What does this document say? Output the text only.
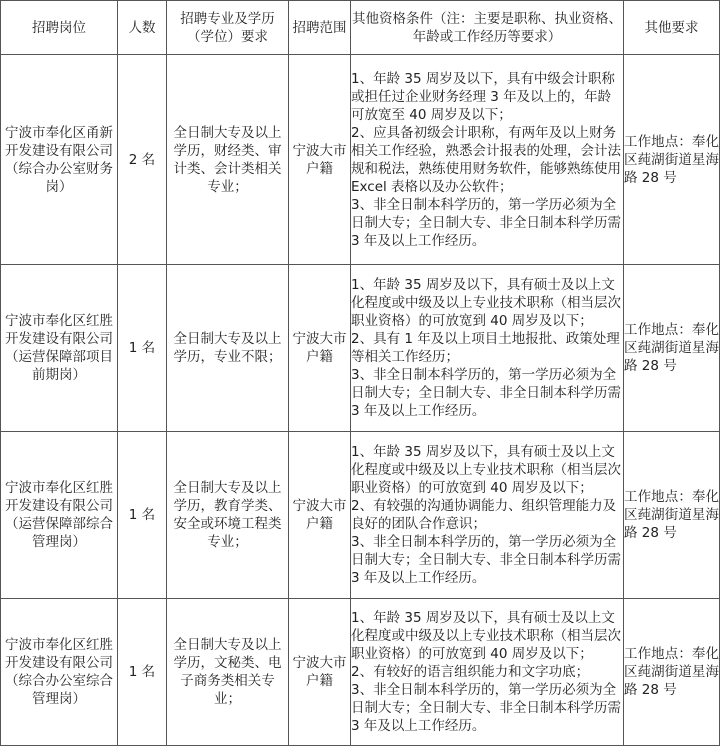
招聘岗位	人数	招聘专业及学历（学位）要求	招聘范围	其他资格条件（注：主要是职称、执业资格、年龄或工作经历等要求）	其他要求
宁波市奉化区甬新开发建设有限公司（综合办公室财务岗）	2 名	全日制大专及以上学历，财经类、审计类、会计类相关专业；	宁波大市户籍	1、年龄 35 周岁及以下，具有中级会计职称或担任过企业财务经理 3 年及以上的，年龄可放宽至 40 周岁及以下；
2、应具备初级会计职称，有两年及以上财务相关工作经验，熟悉会计报表的处理，会计法规和税法，熟练使用财务软件，能够熟练使用 Excel 表格以及办公软件；
3、非全日制本科学历的，第一学历必须为全日制大专；全日制大专、非全日制本科学历需 3 年及以上工作经历。	工作地点：奉化区莼湖街道星海路 28 号
宁波市奉化区红胜开发建设有限公司（运营保障部项目前期岗）	1 名	全日制大专及以上学历，专业不限；	宁波大市户籍	1、年龄 35 周岁及以下，具有硕士及以上文化程度或中级及以上专业技术职称（相当层次职业资格）的可放宽到 40 周岁及以下；
2、具有 1 年及以上项目土地报批、政策处理等相关工作经历；
3、非全日制本科学历的，第一学历必须为全日制大专；全日制大专、非全日制本科学历需 3 年及以上工作经历。	工作地点：奉化区莼湖街道星海路 28 号
宁波市奉化区红胜开发建设有限公司（运营保障部综合管理岗）	1 名	全日制大专及以上学历，教育学类、安全或环境工程类专业；	宁波大市户籍	1、年龄 35 周岁及以下，具有硕士及以上文化程度或中级及以上专业技术职称（相当层次职业资格）的可放宽到 40 周岁及以下；
2、有较强的沟通协调能力、组织管理能力及良好的团队合作意识；
3、非全日制本科学历的，第一学历必须为全日制大专；全日制大专、非全日制本科学历需 3 年及以上工作经历。	工作地点：奉化区莼湖街道星海路 28 号
宁波市奉化区红胜开发建设有限公司（综合办公室综合管理岗）	1 名	全日制大专及以上学历，文秘类、电子商务类相关专业；	宁波大市户籍	1、年龄 35 周岁及以下，具有硕士及以上文化程度或中级及以上专业技术职称（相当层次职业资格）的可放宽到 40 周岁及以下；
2、有较好的语言组织能力和文字功底；
3、非全日制本科学历的，第一学历必须为全日制大专；全日制大专、非全日制本科学历需 3 年及以上工作经历。	工作地点：奉化区莼湖街道星海路 28 号
